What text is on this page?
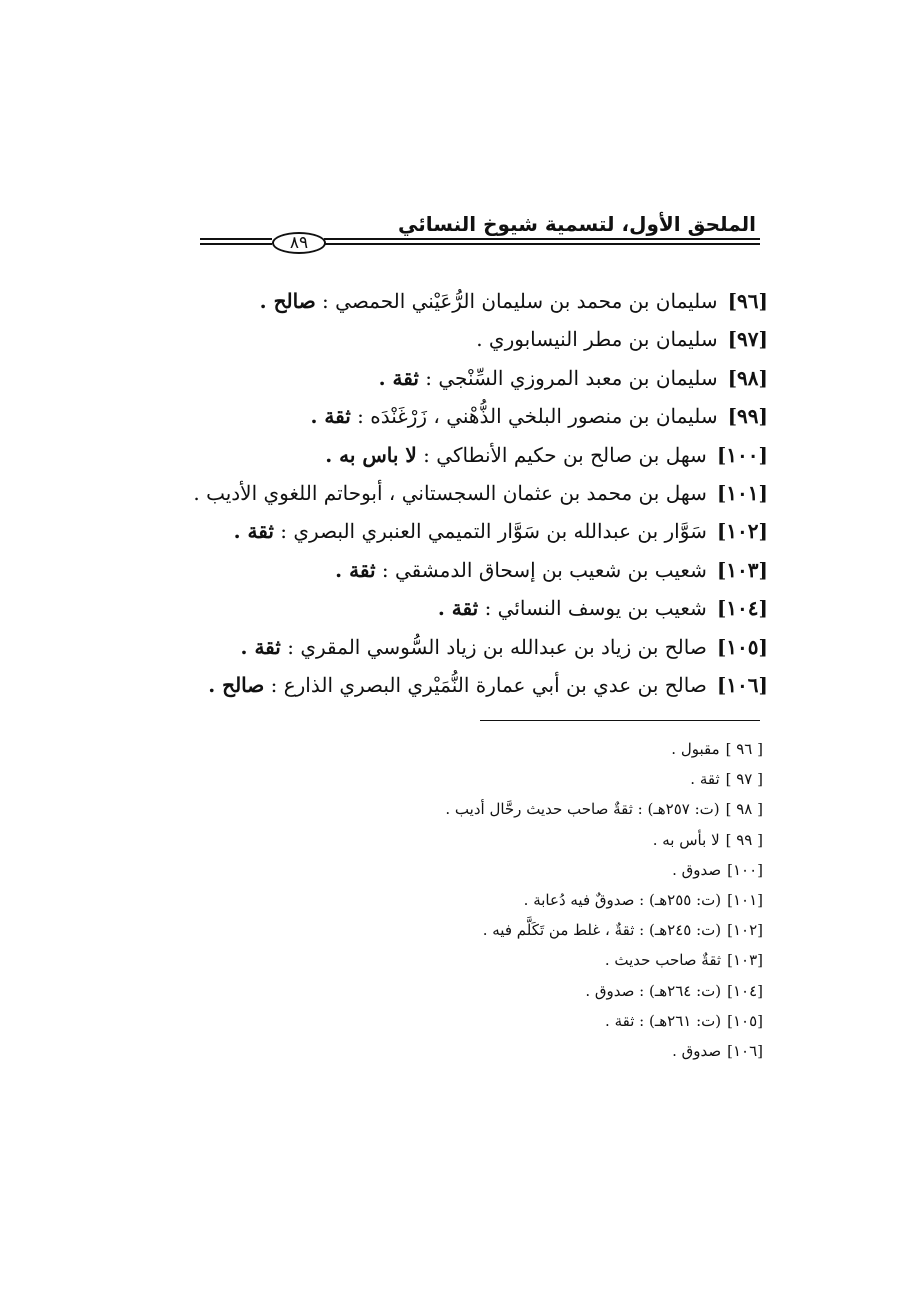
الملحق الأول، لتسمية شيوخ النسائي
٨٩
[٩٦]سليمان بن محمد بن سليمان الرُّعَيْني الحمصي : صالح .
[٩٧]سليمان بن مطر النيسابوري .
[٩٨]سليمان بن معبد المروزي السِّنْجي : ثقة .
[٩٩]سليمان بن منصور البلخي الذُّهْني ، زَرْغَنْدَه : ثقة .
[١٠٠]سهل بن صالح بن حكيم الأنطاكي : لا باس به .
[١٠١]سهل بن محمد بن عثمان السجستاني ، أبوحاتم اللغوي الأديب .
[١٠٢]سَوَّار بن عبدالله بن سَوَّار التميمي العنبري البصري : ثقة .
[١٠٣]شعيب بن شعيب بن إسحاق الدمشقي : ثقة .
[١٠٤]شعيب بن يوسف النسائي : ثقة .
[١٠٥]صالح بن زياد بن عبدالله بن زياد السُّوسي المقري : ثقة .
[١٠٦]صالح بن عدي بن أبي عمارة النُّمَيْري البصري الذارع : صالح .
[ ٩٦ ]مقبول .
[ ٩٧ ]ثقة .
[ ٩٨ ](ت: ٢٥٧هـ) : ثقةٌ صاحب حديث رحَّال أديب .
[ ٩٩ ]لا بأس به .
[١٠٠]صدوق .
[١٠١](ت: ٢٥٥هـ) : صدوقٌ فيه دُعابة .
[١٠٢](ت: ٢٤٥هـ) : ثقةٌ ، غلط من تَكَلَّم فيه .
[١٠٣]ثقةٌ صاحب حديث .
[١٠٤](ت: ٢٦٤هـ) : صدوق .
[١٠٥](ت: ٢٦١هـ) : ثقة .
[١٠٦]صدوق .
